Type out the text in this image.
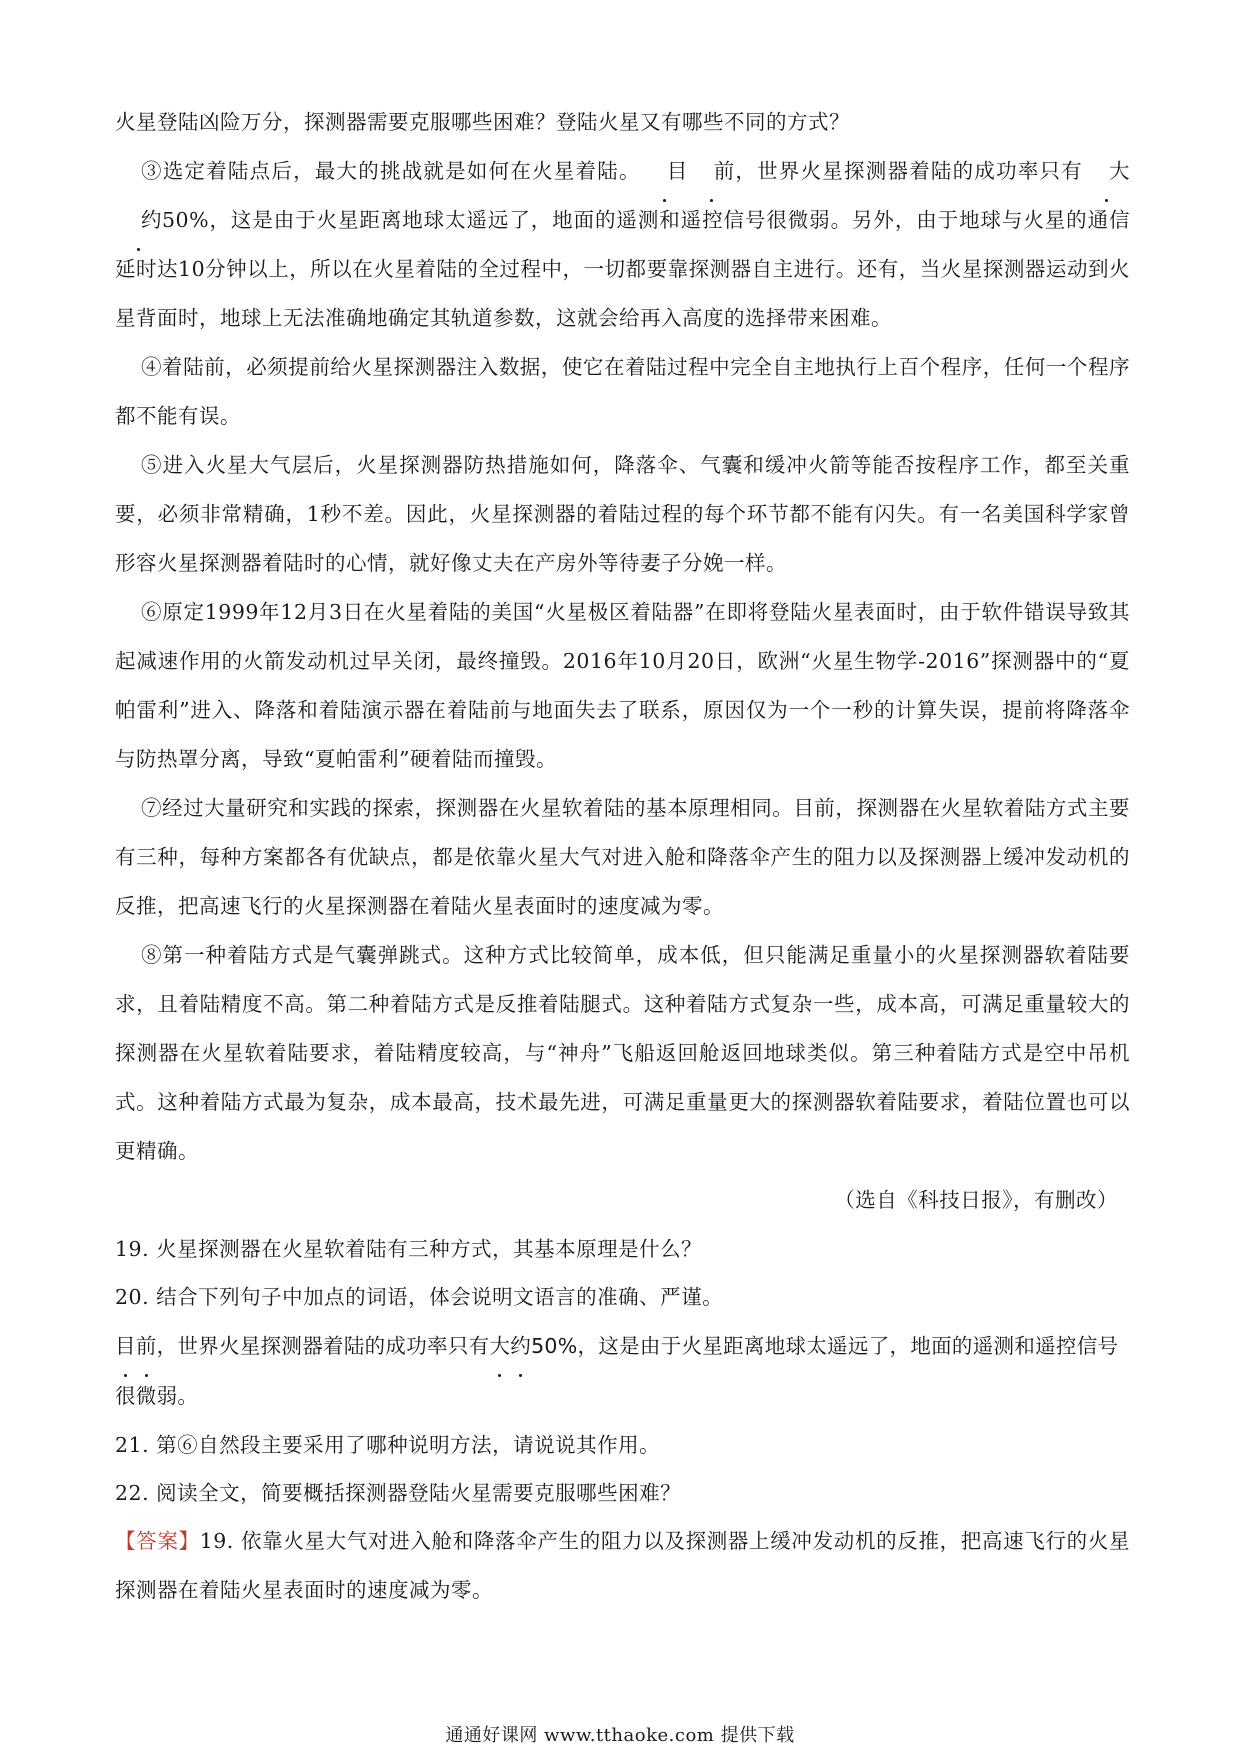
火星登陆凶险万分，探测器需要克服哪些困难？登陆火星又有哪些不同的方式？

③选定着陆点后，最大的挑战就是如何在火星着陆。 目 前，世界火星探测器着陆的成功率只有 大约50%，这是由于火星距离地球太遥远了，地面的遥测和遥控信号很微弱。另外，由于地球与火星的通信延时达10分钟以上，所以在火星着陆的全过程中，一切都要靠探测器自主进行。还有，当火星探测器运动到火星背面时，地球上无法准确地确定其轨道参数，这就会给再入高度的选择带来困难。

④着陆前，必须提前给火星探测器注入数据，使它在着陆过程中完全自主地执行上百个程序，任何一个程序都不能有误。

⑤进入火星大气层后，火星探测器防热措施如何，降落伞、气囊和缓冲火箭等能否按程序工作，都至关重要，必须非常精确，1秒不差。因此，火星探测器的着陆过程的每个环节都不能有闪失。有一名美国科学家曾形容火星探测器着陆时的心情，就好像丈夫在产房外等待妻子分娩一样。

⑥原定1999年12月3日在火星着陆的美国“火星极区着陆器”在即将登陆火星表面时，由于软件错误导致其起减速作用的火箭发动机过早关闭，最终撞毁。2016年10月20日，欧洲“火星生物学-2016”探测器中的“夏帕雷利”进入、降落和着陆演示器在着陆前与地面失去了联系，原因仅为一个一秒的计算失误，提前将降落伞与防热罩分离，导致“夏帕雷利”硬着陆而撞毁。

⑦经过大量研究和实践的探索，探测器在火星软着陆的基本原理相同。目前，探测器在火星软着陆方式主要有三种，每种方案都各有优缺点，都是依靠火星大气对进入舱和降落伞产生的阻力以及探测器上缓冲发动机的反推，把高速飞行的火星探测器在着陆火星表面时的速度减为零。

⑧第一种着陆方式是气囊弹跳式。这种方式比较简单，成本低，但只能满足重量小的火星探测器软着陆要求，且着陆精度不高。第二种着陆方式是反推着陆腿式。这种着陆方式复杂一些，成本高，可满足重量较大的探测器在火星软着陆要求，着陆精度较高，与“神舟”飞船返回舱返回地球类似。第三种着陆方式是空中吊机式。这种着陆方式最为复杂，成本最高，技术最先进，可满足重量更大的探测器软着陆要求，着陆位置也可以更精确。

（选自《科技日报》，有删改）

19. 火星探测器在火星软着陆有三种方式，其基本原理是什么？

20. 结合下列句子中加点的词语，体会说明文语言的准确、严谨。

目前，世界火星探测器着陆的成功率只有大约50%，这是由于火星距离地球太遥远了，地面的遥测和遥控信号很微弱。

21. 第⑥自然段主要采用了哪种说明方法，请说说其作用。

22. 阅读全文，简要概括探测器登陆火星需要克服哪些困难？

【答案】19. 依靠火星大气对进入舱和降落伞产生的阻力以及探测器上缓冲发动机的反推，把高速飞行的火星探测器在着陆火星表面时的速度减为零。

通通好课网 www.tthaoke.com 提供下载
